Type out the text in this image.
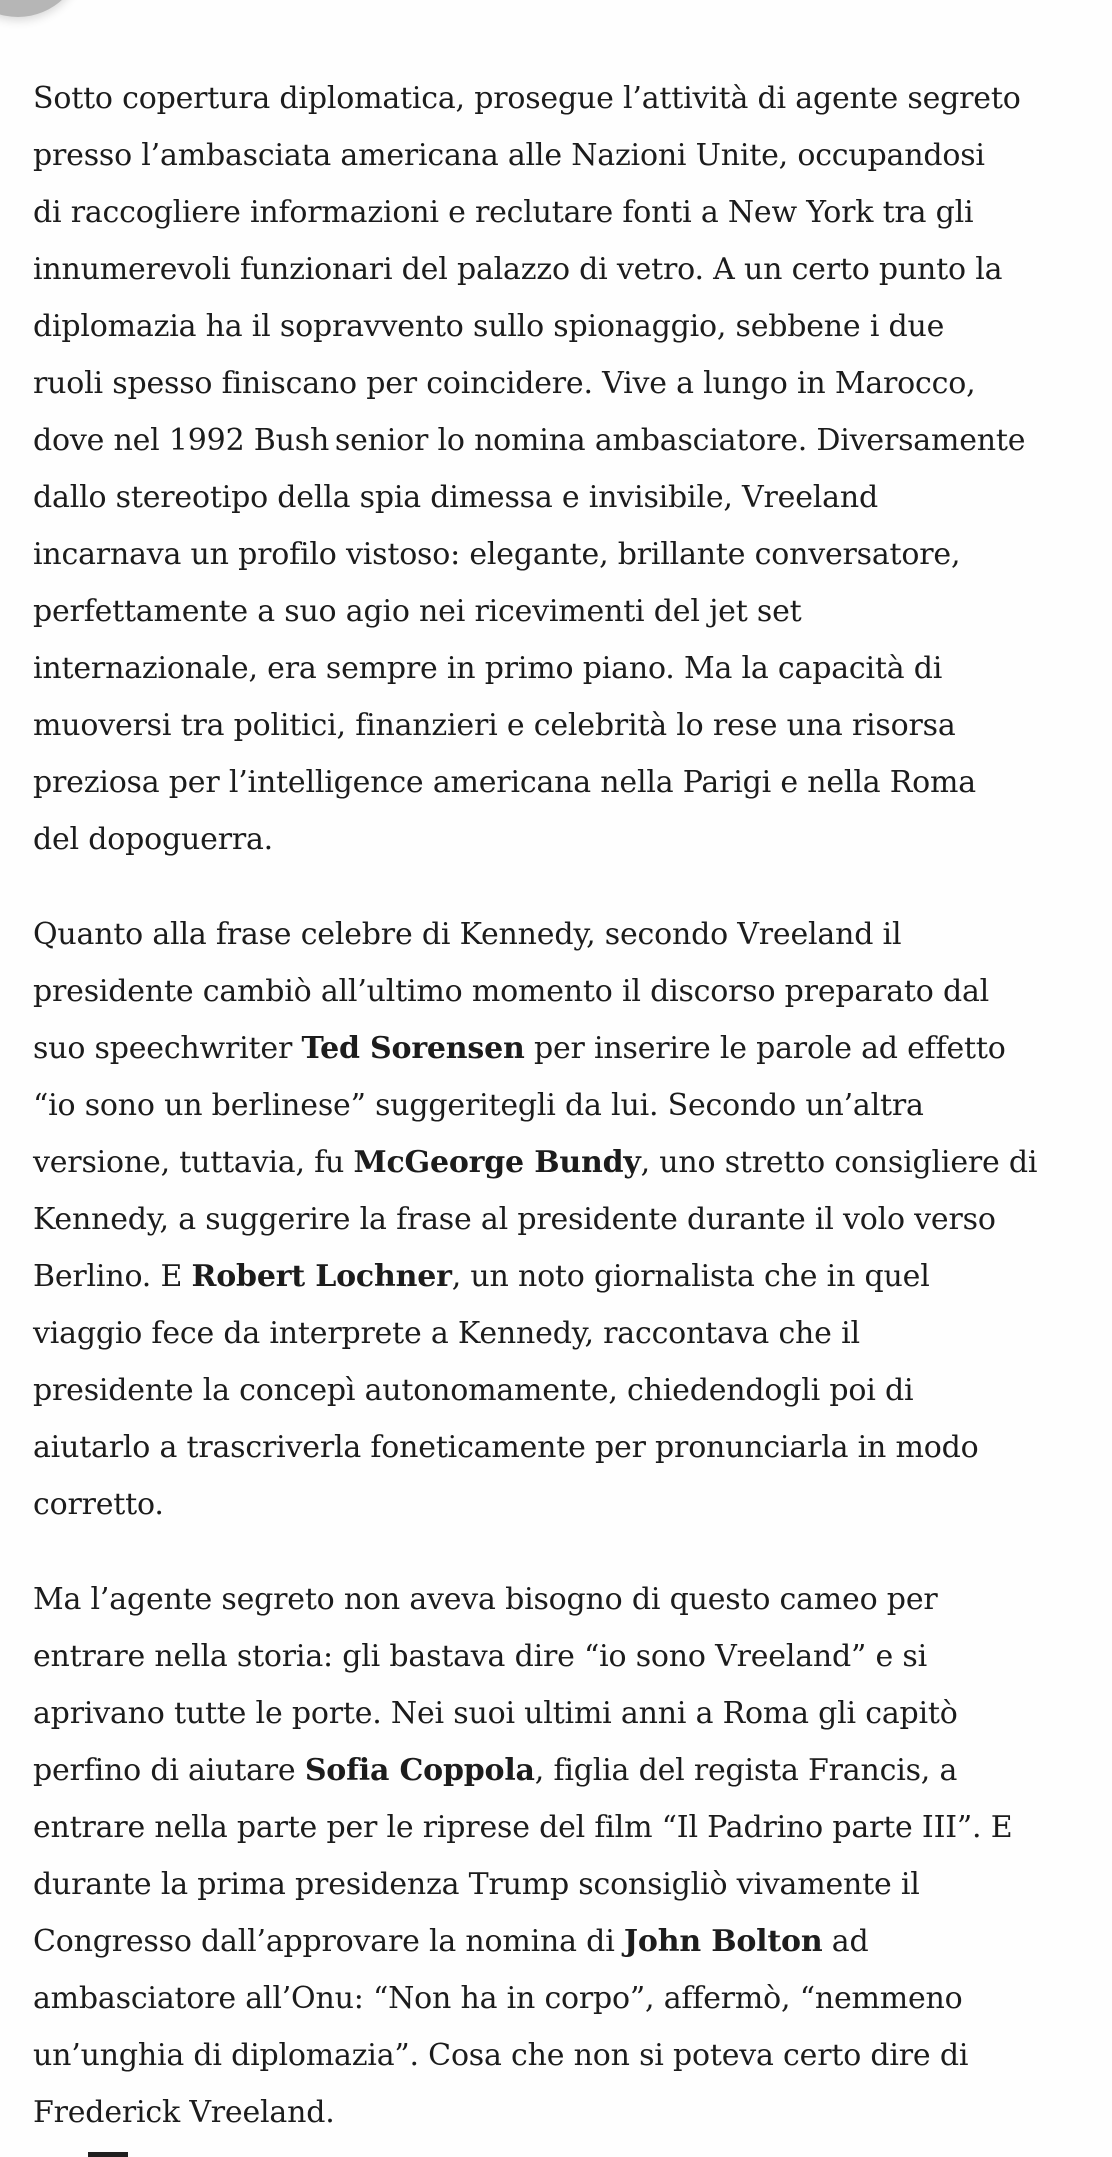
Sotto copertura diplomatica, prosegue l’attività di agente segreto
presso l’ambasciata americana alle Nazioni Unite, occupandosi
di raccogliere informazioni e reclutare fonti a New York tra gli
innumerevoli funzionari del palazzo di vetro. A un certo punto la
diplomazia ha il sopravvento sullo spionaggio, sebbene i due
ruoli spesso finiscano per coincidere. Vive a lungo in Marocco,
dove nel 1992 Bush senior lo nomina ambasciatore. Diversamente
dallo stereotipo della spia dimessa e invisibile, Vreeland
incarnava un profilo vistoso: elegante, brillante conversatore,
perfettamente a suo agio nei ricevimenti del jet set
internazionale, era sempre in primo piano. Ma la capacità di
muoversi tra politici, finanzieri e celebrità lo rese una risorsa
preziosa per l’intelligence americana nella Parigi e nella Roma
del dopoguerra.
Quanto alla frase celebre di Kennedy, secondo Vreeland il
presidente cambiò all’ultimo momento il discorso preparato dal
suo speechwriter Ted Sorensen per inserire le parole ad effetto
“io sono un berlinese” suggeritegli da lui. Secondo un’altra
versione, tuttavia, fu McGeorge Bundy, uno stretto consigliere di
Kennedy, a suggerire la frase al presidente durante il volo verso
Berlino. E Robert Lochner, un noto giornalista che in quel
viaggio fece da interprete a Kennedy, raccontava che il
presidente la concepì autonomamente, chiedendogli poi di
aiutarlo a trascriverla foneticamente per pronunciarla in modo
corretto.
Ma l’agente segreto non aveva bisogno di questo cameo per
entrare nella storia: gli bastava dire “io sono Vreeland” e si
aprivano tutte le porte. Nei suoi ultimi anni a Roma gli capitò
perfino di aiutare Sofia Coppola, figlia del regista Francis, a
entrare nella parte per le riprese del film “Il Padrino parte III”. E
durante la prima presidenza Trump sconsigliò vivamente il
Congresso dall’approvare la nomina di John Bolton ad
ambasciatore all’Onu: “Non ha in corpo”, affermò, “nemmeno
un’unghia di diplomazia”. Cosa che non si poteva certo dire di
Frederick Vreeland.
